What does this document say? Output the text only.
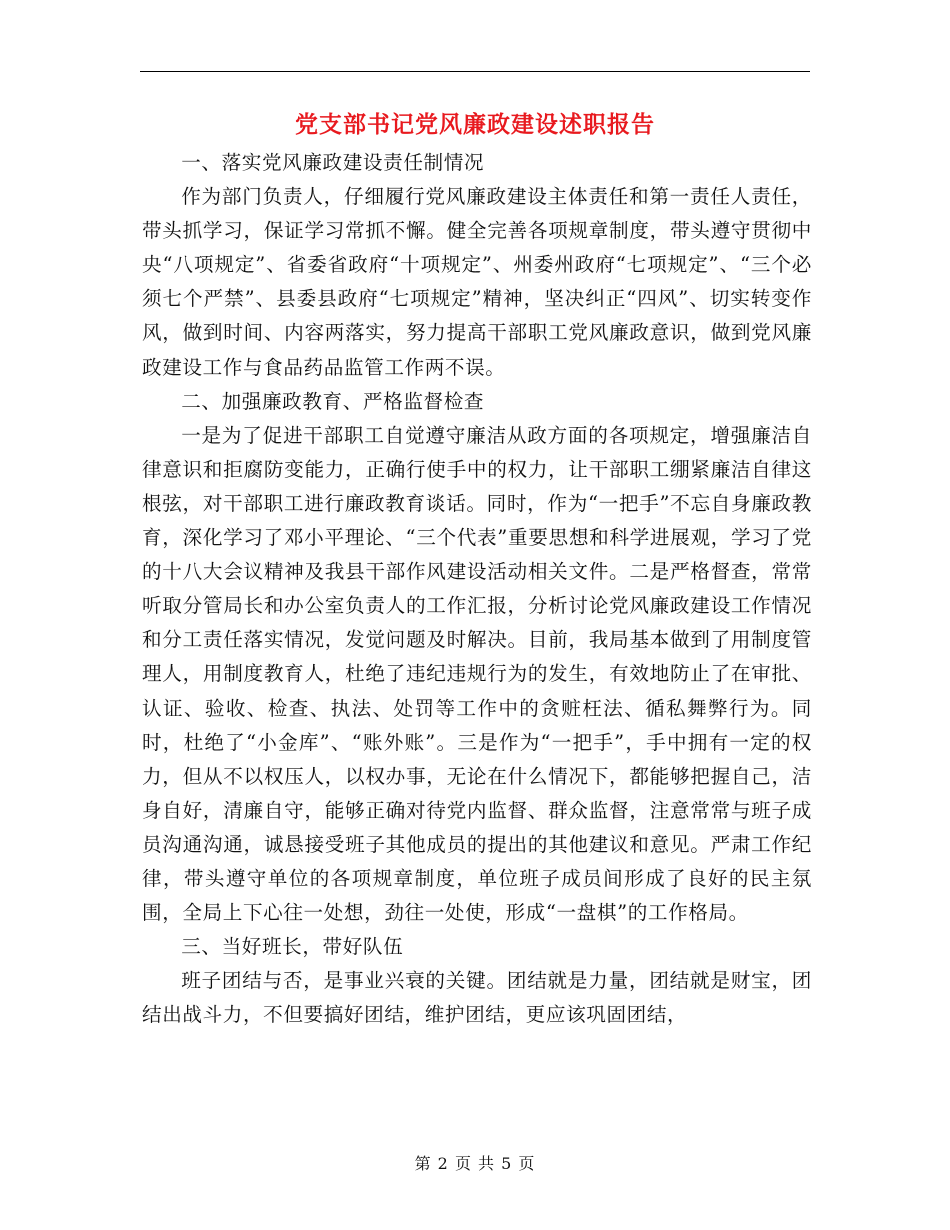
党支部书记党风廉政建设述职报告

一、落实党风廉政建设责任制情况

作为部门负责人，仔细履行党风廉政建设主体责任和第一责任人责任，带头抓学习，保证学习常抓不懈。健全完善各项规章制度，带头遵守贯彻中央“八项规定”、省委省政府“十项规定”、州委州政府“七项规定”、“三个必须七个严禁”、县委县政府“七项规定”精神，坚决纠正“四风”、切实转变作风，做到时间、内容两落实，努力提高干部职工党风廉政意识，做到党风廉政建设工作与食品药品监管工作两不误。

二、加强廉政教育、严格监督检查

一是为了促进干部职工自觉遵守廉洁从政方面的各项规定，增强廉洁自律意识和拒腐防变能力，正确行使手中的权力，让干部职工绷紧廉洁自律这根弦，对干部职工进行廉政教育谈话。同时，作为“一把手”不忘自身廉政教育，深化学习了邓小平理论、“三个代表”重要思想和科学进展观，学习了党的十八大会议精神及我县干部作风建设活动相关文件。二是严格督查，常常听取分管局长和办公室负责人的工作汇报，分析讨论党风廉政建设工作情况和分工责任落实情况，发觉问题及时解决。目前，我局基本做到了用制度管理人，用制度教育人，杜绝了违纪违规行为的发生，有效地防止了在审批、认证、验收、检查、执法、处罚等工作中的贪赃枉法、循私舞弊行为。同时，杜绝了“小金库”、“账外账”。三是作为“一把手”，手中拥有一定的权力，但从不以权压人，以权办事，无论在什么情况下，都能够把握自己，洁身自好，清廉自守，能够正确对待党内监督、群众监督，注意常常与班子成员沟通沟通，诚恳接受班子其他成员的提出的其他建议和意见。严肃工作纪律，带头遵守单位的各项规章制度，单位班子成员间形成了良好的民主氛围，全局上下心往一处想，劲往一处使，形成“一盘棋”的工作格局。

三、当好班长，带好队伍

班子团结与否，是事业兴衰的关键。团结就是力量，团结就是财宝，团结出战斗力，不但要搞好团结，维护团结，更应该巩固团结，

第 2 页 共 5 页
